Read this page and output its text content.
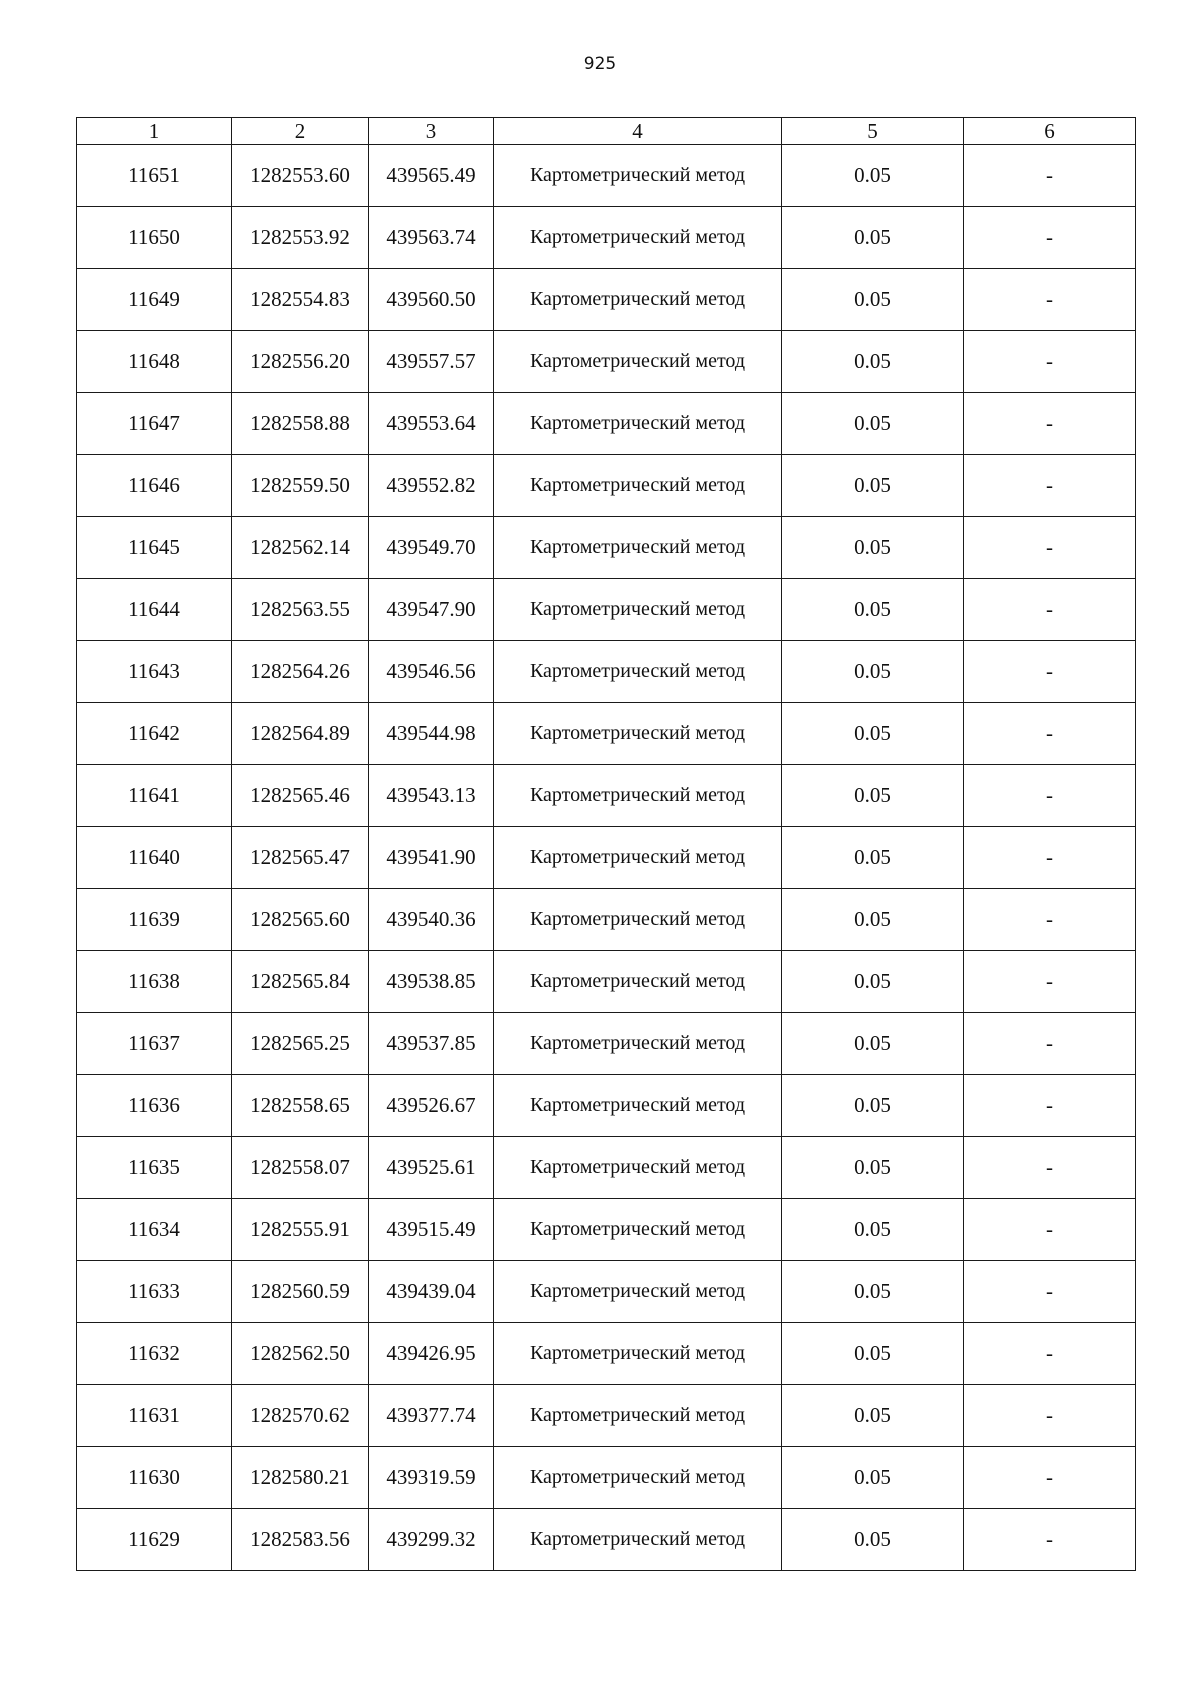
925
1	2	3	4	5	6
11651	1282553.60	439565.49	Картометрический метод	0.05	-
11650	1282553.92	439563.74	Картометрический метод	0.05	-
11649	1282554.83	439560.50	Картометрический метод	0.05	-
11648	1282556.20	439557.57	Картометрический метод	0.05	-
11647	1282558.88	439553.64	Картометрический метод	0.05	-
11646	1282559.50	439552.82	Картометрический метод	0.05	-
11645	1282562.14	439549.70	Картометрический метод	0.05	-
11644	1282563.55	439547.90	Картометрический метод	0.05	-
11643	1282564.26	439546.56	Картометрический метод	0.05	-
11642	1282564.89	439544.98	Картометрический метод	0.05	-
11641	1282565.46	439543.13	Картометрический метод	0.05	-
11640	1282565.47	439541.90	Картометрический метод	0.05	-
11639	1282565.60	439540.36	Картометрический метод	0.05	-
11638	1282565.84	439538.85	Картометрический метод	0.05	-
11637	1282565.25	439537.85	Картометрический метод	0.05	-
11636	1282558.65	439526.67	Картометрический метод	0.05	-
11635	1282558.07	439525.61	Картометрический метод	0.05	-
11634	1282555.91	439515.49	Картометрический метод	0.05	-
11633	1282560.59	439439.04	Картометрический метод	0.05	-
11632	1282562.50	439426.95	Картометрический метод	0.05	-
11631	1282570.62	439377.74	Картометрический метод	0.05	-
11630	1282580.21	439319.59	Картометрический метод	0.05	-
11629	1282583.56	439299.32	Картометрический метод	0.05	-
